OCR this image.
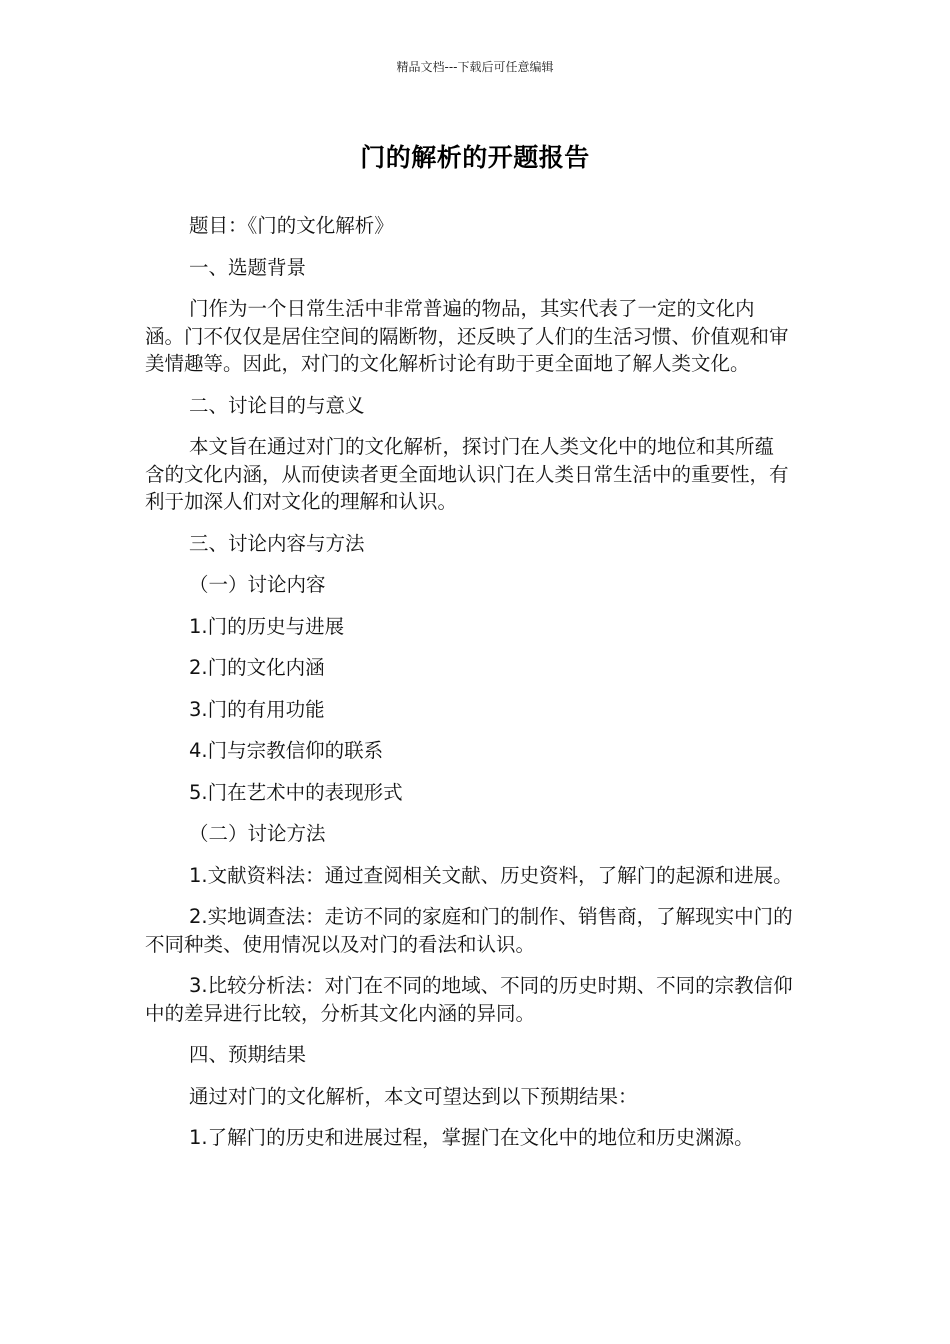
精品文档---下载后可任意编辑
门的解析的开题报告

题目：《门的文化解析》

一、选题背景

门作为一个日常生活中非常普遍的物品，其实代表了一定的文化内涵。门不仅仅是居住空间的隔断物，还反映了人们的生活习惯、价值观和审美情趣等。因此，对门的文化解析讨论有助于更全面地了解人类文化。

二、讨论目的与意义

本文旨在通过对门的文化解析，探讨门在人类文化中的地位和其所蕴含的文化内涵，从而使读者更全面地认识门在人类日常生活中的重要性，有利于加深人们对文化的理解和认识。

三、讨论内容与方法

（一）讨论内容

1.门的历史与进展

2.门的文化内涵

3.门的有用功能

4.门与宗教信仰的联系

5.门在艺术中的表现形式

（二）讨论方法

1.文献资料法：通过查阅相关文献、历史资料，了解门的起源和进展。

2.实地调查法：走访不同的家庭和门的制作、销售商，了解现实中门的不同种类、使用情况以及对门的看法和认识。

3.比较分析法：对门在不同的地域、不同的历史时期、不同的宗教信仰中的差异进行比较，分析其文化内涵的异同。

四、预期结果

通过对门的文化解析，本文可望达到以下预期结果：

1.了解门的历史和进展过程，掌握门在文化中的地位和历史渊源。
